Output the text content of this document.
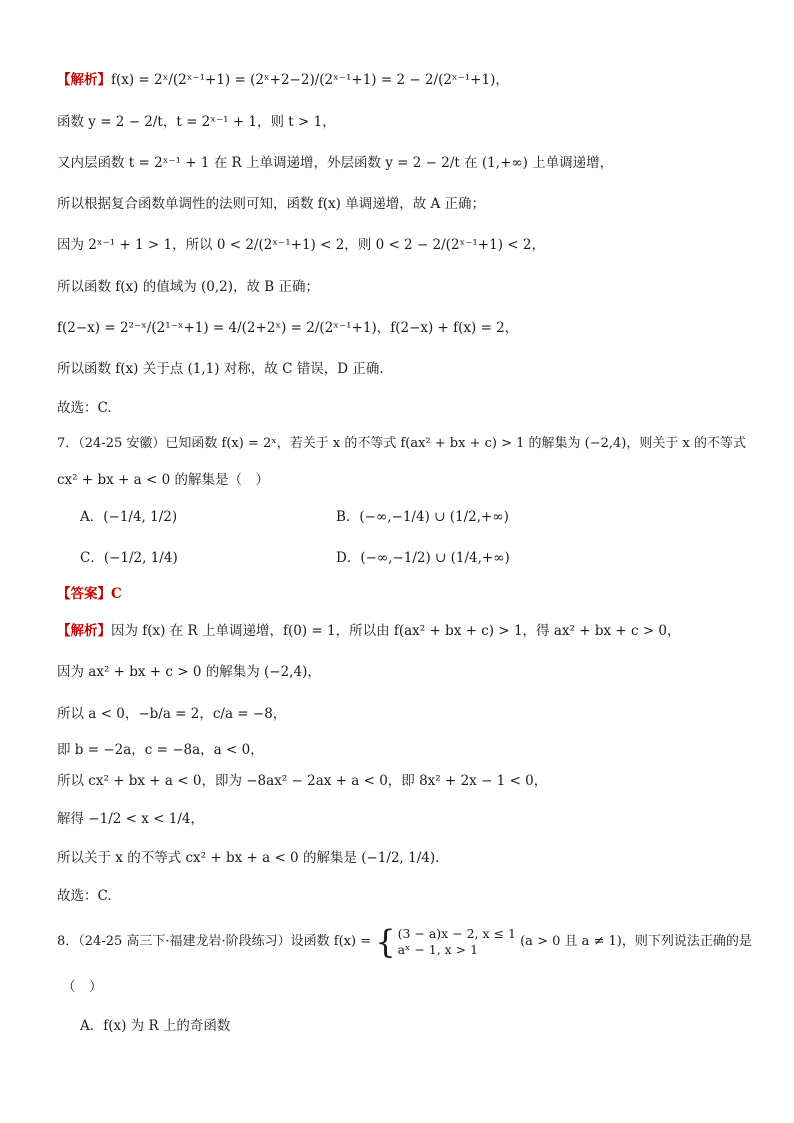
【解析】f(x) = 2ˣ/(2ˣ⁻¹+1) = (2ˣ+2−2)/(2ˣ⁻¹+1) = 2 − 2/(2ˣ⁻¹+1)，
函数 y = 2 − 2/t，t = 2ˣ⁻¹ + 1，则 t > 1，
又内层函数 t = 2ˣ⁻¹ + 1 在 R 上单调递增，外层函数 y = 2 − 2/t 在 (1,+∞) 上单调递增，
所以根据复合函数单调性的法则可知，函数 f(x) 单调递增，故 A 正确；
因为 2ˣ⁻¹ + 1 > 1，所以 0 < 2/(2ˣ⁻¹+1) < 2，则 0 < 2 − 2/(2ˣ⁻¹+1) < 2，
所以函数 f(x) 的值域为 (0,2)，故 B 正确；
f(2−x) = 2²⁻ˣ/(2¹⁻ˣ+1) = 4/(2+2ˣ) = 2/(2ˣ⁻¹+1)，f(2−x) + f(x) = 2，
所以函数 f(x) 关于点 (1,1) 对称，故 C 错误，D 正确.
故选：C.
7．（24-25 安徽）已知函数 f(x) = 2ˣ，若关于 x 的不等式 f(ax² + bx + c) > 1 的解集为 (−2,4)，则关于 x 的不等式
cx² + bx + a < 0 的解集是（　）
A．(−1/4, 1/2)	B．(−∞,−1/4) ∪ (1/2,+∞)
C．(−1/2, 1/4)	D．(−∞,−1/2) ∪ (1/4,+∞)
【答案】C
【解析】因为 f(x) 在 R 上单调递增，f(0) = 1，所以由 f(ax² + bx + c) > 1，得 ax² + bx + c > 0，
因为 ax² + bx + c > 0 的解集为 (−2,4)，
所以 a < 0，−b/a = 2，c/a = −8，
即 b = −2a，c = −8a，a < 0，
所以 cx² + bx + a < 0，即为 −8ax² − 2ax + a < 0，即 8x² + 2x − 1 < 0，
解得 −1/2 < x < 1/4，
所以关于 x 的不等式 cx² + bx + a < 0 的解集是 (−1/2, 1/4).
故选：C.
8．（24-25 高三下·福建龙岩·阶段练习）设函数 f(x) = { (3 − a)x − 2, x ≤ 1
aˣ − 1, x > 1	(a > 0 且 a ≠ 1)，则下列说法正确的是
（　）
A．f(x) 为 R 上的奇函数
